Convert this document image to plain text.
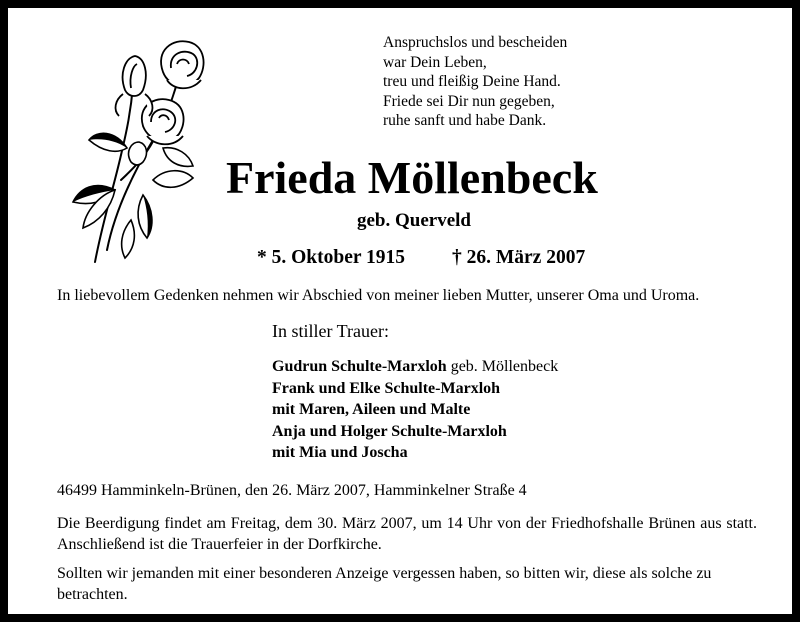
Anspruchslos und bescheiden
war Dein Leben,
treu und fleißig Deine Hand.
Friede sei Dir nun gegeben,
ruhe sanft und habe Dank.
Frieda Möllenbeck
geb. Querveld
* 5. Oktober 1915 † 26. März 2007
In liebevollem Gedenken nehmen wir Abschied von meiner lieben Mutter, unserer Oma und Uroma.
In stiller Trauer:
Gudrun Schulte-Marxloh geb. Möllenbeck
Frank und Elke Schulte-Marxloh
mit Maren, Aileen und Malte
Anja und Holger Schulte-Marxloh
mit Mia und Joscha
46499 Hamminkeln-Brünen, den 26. März 2007, Hamminkelner Straße 4
Die Beerdigung findet am Freitag, dem 30. März 2007, um 14 Uhr von der Friedhofshalle Brünen aus statt. Anschließend ist die Trauerfeier in der Dorfkirche.
Sollten wir jemanden mit einer besonderen Anzeige vergessen haben, so bitten wir, diese als solche zu betrachten.
